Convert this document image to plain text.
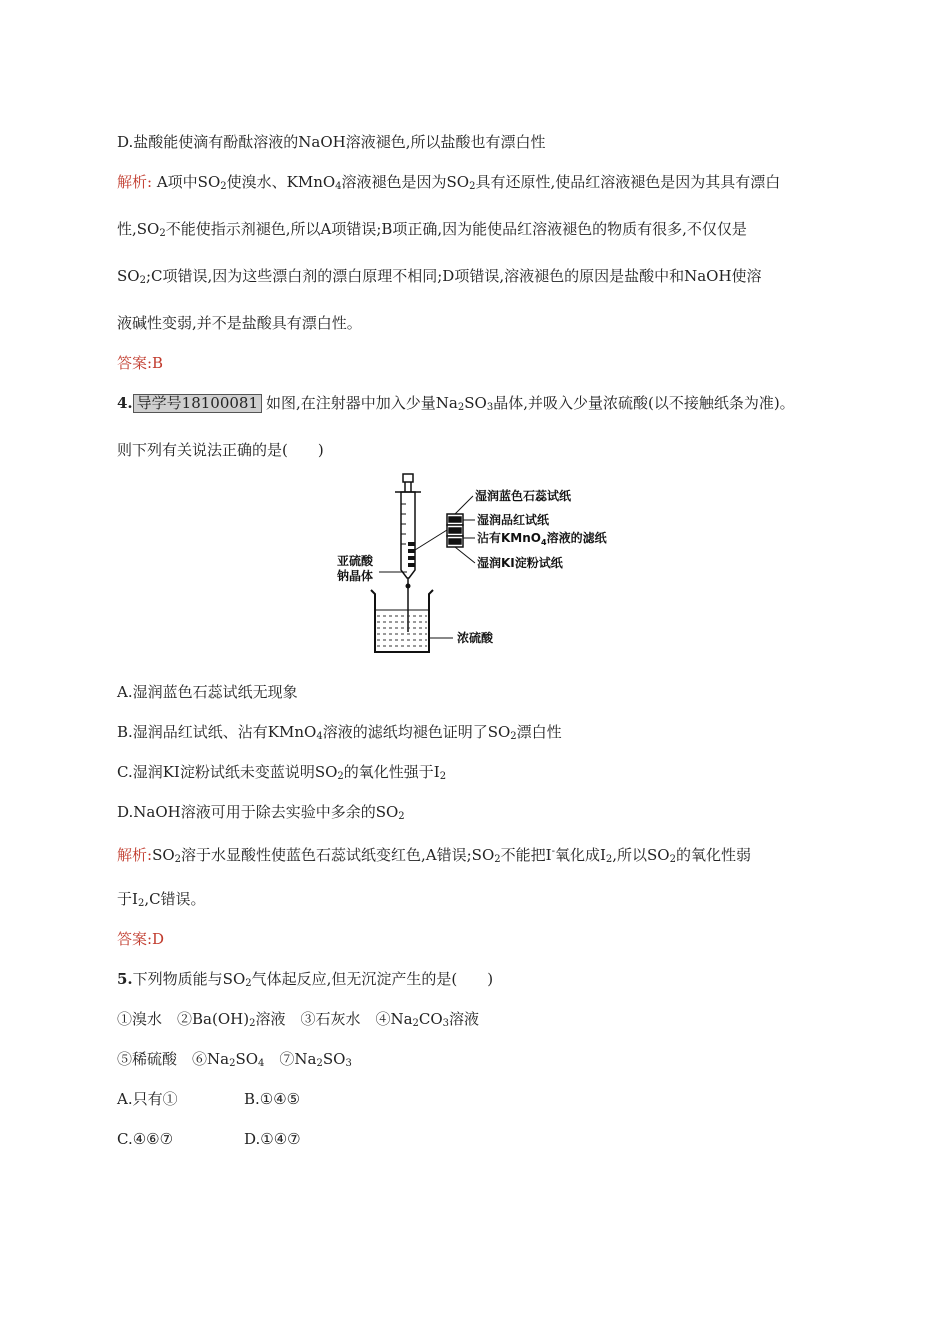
D.盐酸能使滴有酚酞溶液的NaOH溶液褪色,所以盐酸也有漂白性
解析: A项中$SO_2$使溴水、KMnO$_4$溶液褪色是因为$SO_2$具有还原性,使品红溶液褪色是因为其具有漂白
性$,SO_2$不能使指示剂褪色,所以A项错误;B项正确,因为能使品红溶液褪色的物质有很多,不仅仅是
$SO_2;C$项错误,因为这些漂白剂的漂白原理不相同;D项错误,溶液褪色的原因是盐酸中和NaOH使溶
液碱性变弱,并不是盐酸具有漂白性。
答案:B
4. 导学号18100081 如图,在注射器中加入少量$Na_2SO_3$晶体,并吸入少量浓硫酸(以不接触纸条为准)。
则下列有关说法正确的是(　　)
湿润蓝色石蕊试纸
湿润品红试纸
沾有KMnO$_4$溶液的滤纸
湿润KI淀粉试纸
亚硫酸
钠晶体
浓硫酸
A.湿润蓝色石蕊试纸无现象
B.湿润品红试纸、沾有KMnO$_4$溶液的滤纸均褪色证明了$SO_2$漂白性
C.湿润KI淀粉试纸未变蓝说明$SO_2$的氧化性强于$I_2$
D.NaOH溶液可用于除去实验中多余的$SO_2$
解析$:SO_2$溶于水显酸性使蓝色石蕊试纸变红色,A错误$;SO_2$不能把I-氧化成$I_2$,所以$SO_2$的氧化性弱
于$I_2,C$错误。
答案:D
5.下列物质能与$SO_2$气体起反应,但无沉淀产生的是(　　)
①溴水　$②Ba(OH)_2$溶液　③石灰水　$④Na_2CO_3$溶液
⑤稀硫酸　$⑥Na_2SO_4$　$⑦Na_2SO_3$
A.只有①	B.①④⑤
C.④⑥⑦	D.①④⑦
